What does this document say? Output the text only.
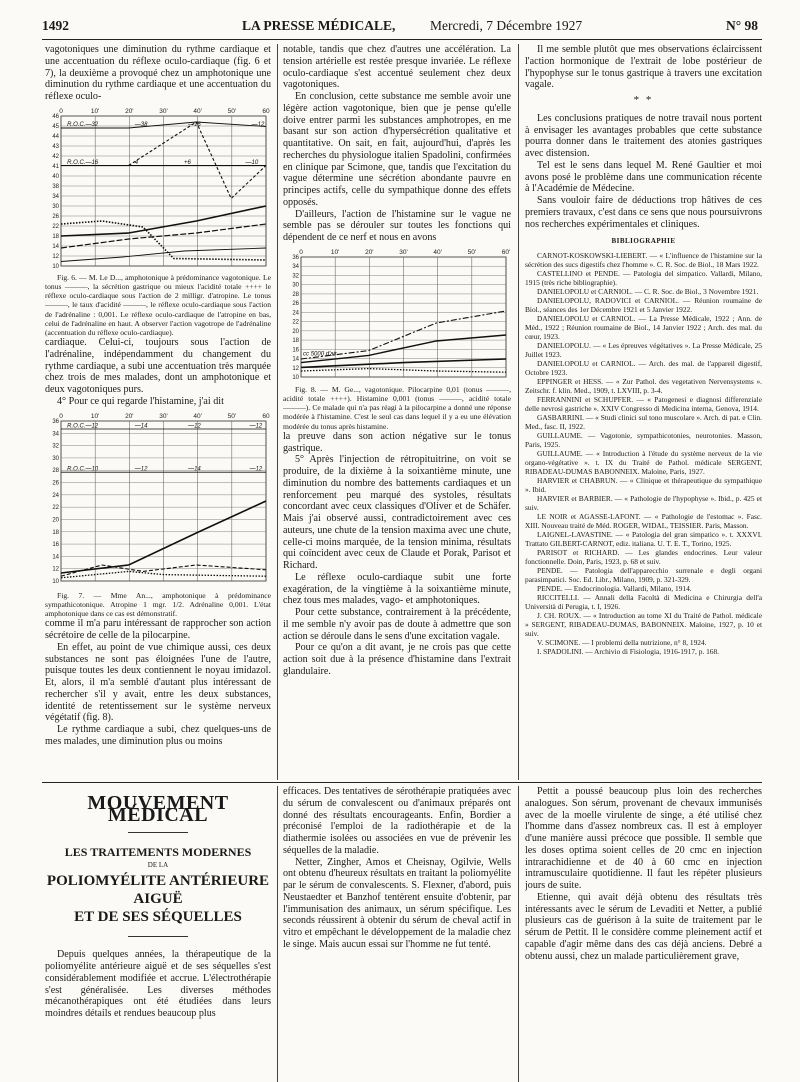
1492	LA PRESSE MÉDICALE,	Mercredi, 7 Décembre 1927	N° 98

vagotoniques une diminution du rythme cardiaque et une accentuation du réflexe oculo-cardiaque (fig. 6 et 7), la deuxième a provoqué chez un amphotonique une diminution du rythme cardiaque et une accentuation du réflexe oculo-

0	10'	20'	30'	40'	50'	60
46
45
44
43
42
41
40
38
34
30
26
22
18
14
12
10
R.O.C.—32	—38	—16	—12
R.O.C.—16	4	+6	—10

Fig. 6. — M. Le D..., amphotonique à prédominance vagotonique. Le tonus ———, la sécrétion gastrique ou mieux l'acidité totale ++++ le réflexe oculo-cardiaque sous l'action de 2 milligr. d'atropine. Le tonus ———, le taux d'acidité ———, le réflexe oculo-cardiaque sous l'action de l'adrénaline : 0,001. Le réflexe oculo-cardiaque de l'atropine en bas, celui de l'adrénaline en haut. A observer l'action vagotrope de l'adrénaline (accentuation du réflexe oculo-cardiaque).

cardiaque. Celui-ci, toujours sous l'action de l'adrénaline, indépendamment du changement du rythme cardiaque, a subi une accentuation très marquée chez trois de mes malades, dont un amphotonique et deux vagotoniques purs.

4° Pour ce qui regarde l'histamine, j'ai dit

0	10'	20'	30'	40'	50'	60
36
34
32
30
28
26
24
22
20
18
16
14
12
10
R.O.C.—12	—14	—12	—12
R.O.C.—10	—12	—14	—12

Fig. 7. — Mme An..., amphotonique à prédominance sympathicotonique. Atropine 1 mgr. 1/2. Adrénaline 0,001. L'état amphotonique dans ce cas est démonstratif.

comme il m'a paru intéressant de rapprocher son action sécrétoire de celle de la pilocarpine.

En effet, au point de vue chimique aussi, ces deux substances ne sont pas éloignées l'une de l'autre, puisque toutes les deux contiennent le noyau imidazol. Et, alors, il m'a semblé d'autant plus intéressant de rechercher s'il y avait, entre les deux substances, identité de retentissement sur le système nerveux végétatif (fig. 8).

Le rythme cardiaque a subi, chez quelques-uns de mes malades, une diminution plus ou moins

notable, tandis que chez d'autres une accélération. La tension artérielle est restée presque invariée. Le réflexe oculo-cardiaque s'est accentué seulement chez deux vagotoniques.

En conclusion, cette substance me semble avoir une légère action vagotonique, bien que je pense qu'elle doive entrer parmi les substances amphotropes, en me basant sur son action d'hypersécrétion qualitative et quantitative. On sait, en fait, aujourd'hui, d'après les recherches du physiologue italien Spadolini, confirmées en clinique par Scimone, que, tandis que l'excitation du vague détermine une sécrétion abondante pauvre en principes actifs, celle du sympathique donne des effets opposés.

D'ailleurs, l'action de l'histamine sur le vague ne semble pas se dérouler sur toutes les fonctions qui dépendent de ce nerf et nous en avons

0	10'	20'	30'	40'	50'	60'
36
34
32
30
28
26
24
22
20
18
16
14
12
10
cc 5000 d'air

Fig. 8. — M. Ge..., vagotonique. Pilocarpine 0,01 (tonus ———, acidité totale ++++). Histamine 0,001 (tonus ———, acidité totale ———). Ce malade qui n'a pas réagi à la pilocarpine a donné une réponse modérée à l'histamine. C'est le seul cas dans lequel il y a eu une élévation modérée du tonus après histamine.

la preuve dans son action négative sur le tonus gastrique.

5° Après l'injection de rétropituitrine, on voit se produire, de la dixième à la soixantième minute, une diminution du nombre des battements cardiaques et un renforcement peu marqué des systoles, résultats concordant avec ceux classiques d'Oliver et de Schäfer. Mais j'ai observé aussi, contradictoirement avec ces auteurs, une chute de la tension maxima avec une chute, celle-ci moins marquée, de la tension minima, résultats qui coïncident avec ceux de Claude et Porak, Parisot et Richard.

Le réflexe oculo-cardiaque subit une forte exagération, de la vingtième à la soixantième minute, chez tous mes malades, vago- et amphotoniques.

Pour cette substance, contrairement à la précédente, il me semble n'y avoir pas de doute à admettre que son action se déroule dans le sens d'une excitation vagale.

Pour ce qu'on a dit avant, je ne crois pas que cette action soit due à la présence d'histamine dans l'extrait glandulaire.

Il me semble plutôt que mes observations éclaircissent l'action hormonique de l'extrait de lobe postérieur de l'hypophyse sur le tonus gastrique à travers une excitation vagale.

* *

Les conclusions pratiques de notre travail nous portent à envisager les avantages probables que cette substance pourra donner dans le traitement des atonies gastriques avec distension.

Tel est le sens dans lequel M. René Gaultier et moi avons posé le problème dans une communication récente à l'Académie de Médecine.

Sans vouloir faire de déductions trop hâtives de ces premiers travaux, c'est dans ce sens que nous poursuivrons nos recherches expérimentales et cliniques.

BIBLIOGRAPHIE

CARNOT-KOSKOWSKI-LIEBERT. — « L'influence de l'histamine sur la sécrétion des sucs digestifs chez l'homme ». C. R. Soc. de Biol., 18 Mars 1922.

CASTELLINO et PENDE. — Patologia del simpatico. Vallardi, Milano, 1915 (très riche bibliographie).

DANIELOPOLU et CARNIOL. — C. R. Soc. de Biol., 3 Novembre 1921.

DANIELOPOLU, RADOVICI et CARNIOL. — Réunion roumaine de Biol., séances des 1er Décembre 1921 et 5 Janvier 1922.

DANIELOPOLU et CARNIOL. — La Presse Médicale, 1922 ; Ann. de Méd., 1922 ; Réunion roumaine de Biol., 14 Janvier 1922 ; Arch. des mal. du cœur, 1923.

DANIELOPOLU. — « Les épreuves végétatives ». La Presse Médicale, 25 Juillet 1923.

DANIELOPOLU et CARNIOL. — Arch. des mal. de l'appareil digestif, Octobre 1923.

EPPINGER et HESS. — « Zur Pathol. des vegetativen Nervensystems ». Zeitschr. f. klin. Med., 1909, t. LXVIII, p. 3-4.

FERRANNINI et SCHUPFER. — « Patogenesi e diagnosi differenziale delle nevrosi gastriche ». XXIV Congresso di Medicina interna, Genova, 1914.

GASBARRINI. — « Studi clinici sul tono muscolare ». Arch. di pat. e Clin. Med., fasc. II, 1922.

GUILLAUME. — Vagotonie, sympathicotonies, neurotonies. Masson, Paris, 1925.

GUILLAUME. — « Introduction à l'étude du système nerveux de la vie organo-végétative ». t. IX du Traité de Pathol. médicale SERGENT, RIBADEAU-DUMAS BABONNEIX. Maloine, Paris, 1927.

HARVIER et CHABRUN. — « Clinique et thérapeutique du sympathique ». Ibid.

HARVIER et BARBIER. — « Pathologie de l'hypophyse ». Ibid., p. 425 et suiv.

LE NOIR et AGASSE-LAFONT. — « Pathologie de l'estomac ». Fasc. XIII. Nouveau traité de Méd. ROGER, WIDAL, TEISSIER. Paris, Masson.

LAIGNEL-LAVASTINE. — « Patologia del gran simpatico ». t. XXXVI. Trattato GILBERT-CARNOT, ediz. italiana. U. T. E. T., Torino, 1925.

PARISOT et RICHARD. — Les glandes endocrines. Leur valeur fonctionnelle. Doin, Paris, 1923, p. 68 et suiv.

PENDE. — Patologia dell'apparecchio surrenale e degli organi parasimpatici. Soc. Ed. Libr., Milano, 1909, p. 321-329.

PENDE. — Endocrinologia. Vallardi, Milano, 1914.

RICCITELLI. — Annali della Facoltà di Medicina e Chirurgia dell'a Università di Perugia, t. I, 1926.

J. CH. ROUX. — « Introduction au tome XI du Traité de Pathol. médicale » SERGENT, RIBADEAU-DUMAS, BABONNEIX. Maloine, 1927, p. 10 et suiv.

V. SCIMONE. — I problemi della nutrizione, n° 8, 1924.

I. SPADOLINI. — Archivio di Fisiologia, 1916-1917, p. 168.

MOUVEMENT MÉDICAL
LES TRAITEMENTS MODERNES
DE LA
POLIOMYÉLITE ANTÉRIEURE AIGUË
ET DE SES SÉQUELLES

Depuis quelques années, la thérapeutique de la poliomyélite antérieure aiguë et de ses séquelles s'est considérablement modifiée et accrue. L'électrothérapie s'est généralisée. Les diverses méthodes mécanothérapiques ont été étudiées dans leurs moindres détails et rendues beaucoup plus

efficaces. Des tentatives de sérothérapie pratiquées avec du sérum de convalescent ou d'animaux préparés ont donné des résultats encourageants. Enfin, Bordier a préconisé l'emploi de la radiothérapie et de la diathermie isolées ou associées en vue de prévenir les séquelles de la maladie.

Netter, Zingher, Amos et Cheisnay, Ogilvie, Wells ont obtenu d'heureux résultats en traitant la poliomyélite par le sérum de convalescents. S. Flexner, d'abord, puis Neustaedter et Banzhof tentèrent ensuite d'obtenir, par l'immunisation des animaux, un sérum spécifique. Les seconds réussirent à obtenir du sérum de cheval actif in vitro et empêchant le développement de la maladie chez le singe. Mais aucun essai sur l'homme ne fut tenté.

Pettit a poussé beaucoup plus loin des recherches analogues. Son sérum, provenant de chevaux immunisés avec de la moelle virulente de singe, a été utilisé chez l'homme dans d'assez nombreux cas. Il est à employer d'une manière aussi précoce que possible. Il semble que les doses optima soient celles de 20 cmc en injection intrarachidienne et de 40 à 60 cmc en injection intramusculaire quotidienne. Il faut les répéter plusieurs jours de suite.

Etienne, qui avait déjà obtenu des résultats très intéressants avec le sérum de Levaditi et Netter, a publié plusieurs cas de guérison à la suite de traitement par le sérum de Pettit. Il le considère comme pleinement actif et capable d'agir même dans des cas déjà anciens. Debré a obtenu aussi, chez un malade particulièrement grave,
